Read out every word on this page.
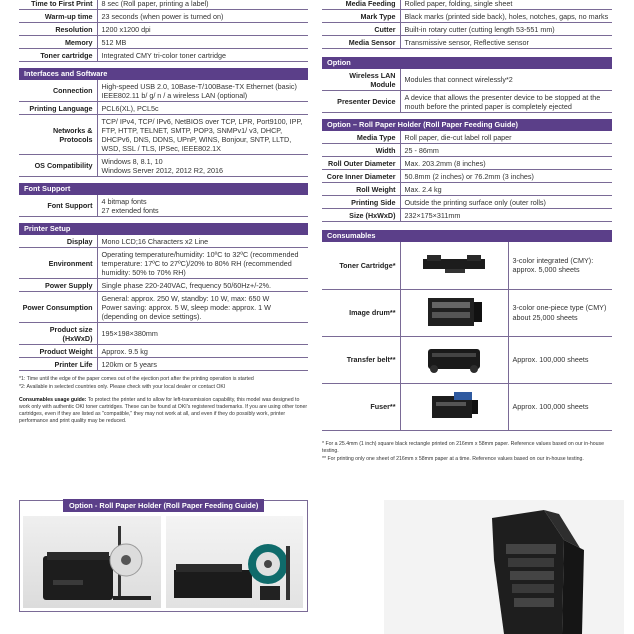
Time to First Print	8 sec (Roll paper, printing a label)
Warm-up time	23 seconds (when power is turned on)
Resolution	1200 x1200 dpi
Memory	512 MB
Toner cartridge	Integrated CMY tri-color toner cartridge
Interfaces and Software
Connection	High-speed USB 2.0, 10Base-T/100Base-TX Ethernet (basic) IEEE802.11 b/ g/ n / a wireless LAN (optional)
Printing Language	PCL6(XL), PCL5c
Networks & Protocols	TCP/ IPv4, TCP/ IPv6, NetBIOS over TCP, LPR, Port9100, IPP, FTP, HTTP, TELNET, SMTP, POP3, SNMPv1/ v3, DHCP, DHCPv6, DNS, DDNS, UPnP, WINS, Bonjour, SNTP, LLTD, WSD, SSL / TLS, IPSec, IEEE802.1X
OS Compatibility	Windows 8, 8.1, 10
Windows Server 2012, 2012 R2, 2016
Font Support
Font Support	4 bitmap fonts
27 extended fonts
Printer Setup
Display	Mono LCD;16 Characters x2 Line
Environment	Operating temperature/humidity: 10ºC to 32ºC (recommended temperature: 17ºC to 27ºC)/20% to 80% RH (recommended humidity: 50% to 70% RH)
Power Supply	Single phase 220-240VAC, frequency 50/60Hz+/-2%.
Power Consumption	General: approx. 250 W, standby: 10 W, max: 650 W
Power saving: approx. 5 W, sleep mode: approx. 1 W (depending on device settings).
Product size (HxWxD)	195×198×380mm
Product Weight	Approx. 9.5 kg
Printer Life	120km or 5 years

*1: Time until the edge of the paper comes out of the ejection port after the printing operation is started

*2: Available in selected countries only. Please check with your local dealer or contact OKI

Consumables usage guide: To protect the printer and to allow for left-transmission capability, this model was designed to work only with authentic OKI toner cartridges. These can be found at OKI's registered trademarks. If you are using other toner cartridges, even if they are listed as "compatible," they may not work at all, and even if they do possibly work, printer performance and print quality may be reduced.
Media Feeding	Rolled paper, folding, single sheet
Mark Type	Black marks (printed side back), holes, notches, gaps, no marks
Cutter	Built-in rotary cutter (cutting length 53-551 mm)
Media Sensor	Transmissive sensor, Reflective sensor
Option
Wireless LAN Module	Modules that connect wirelessly*2
Presenter Device	A device that allows the presenter device to be stopped at the mouth before the printed paper is completely ejected
Option – Roll Paper Holder (Roll Paper Feeding Guide)
Media Type	Roll paper, die-cut label roll paper
Width	25 - 86mm
Roll Outer Diameter	Max. 203.2mm (8 inches)
Core Inner Diameter	50.8mm (2 inches) or 76.2mm (3 inches)
Roll Weight	Max. 2.4 kg
Printing Side	Outside the printing surface only (outer rolls)
Size (HxWxD)	232×175×311mm
Consumables
Toner Cartridge*		3-color integrated (CMY): approx. 5,000 sheets
Image drum**		3-color one-piece type (CMY) about 25,000 sheets
Transfer belt**		Approx. 100,000 sheets
Fuser**		Approx. 100,000 sheets

* For a 25.4mm (1 inch) square black rectangle printed on 216mm x 58mm paper. Reference values based on our in-house testing.

** For printing only one sheet of 216mm x 58mm paper at a time. Reference values based on our in-house testing.

Option - Roll Paper Holder (Roll Paper Feeding Guide)
